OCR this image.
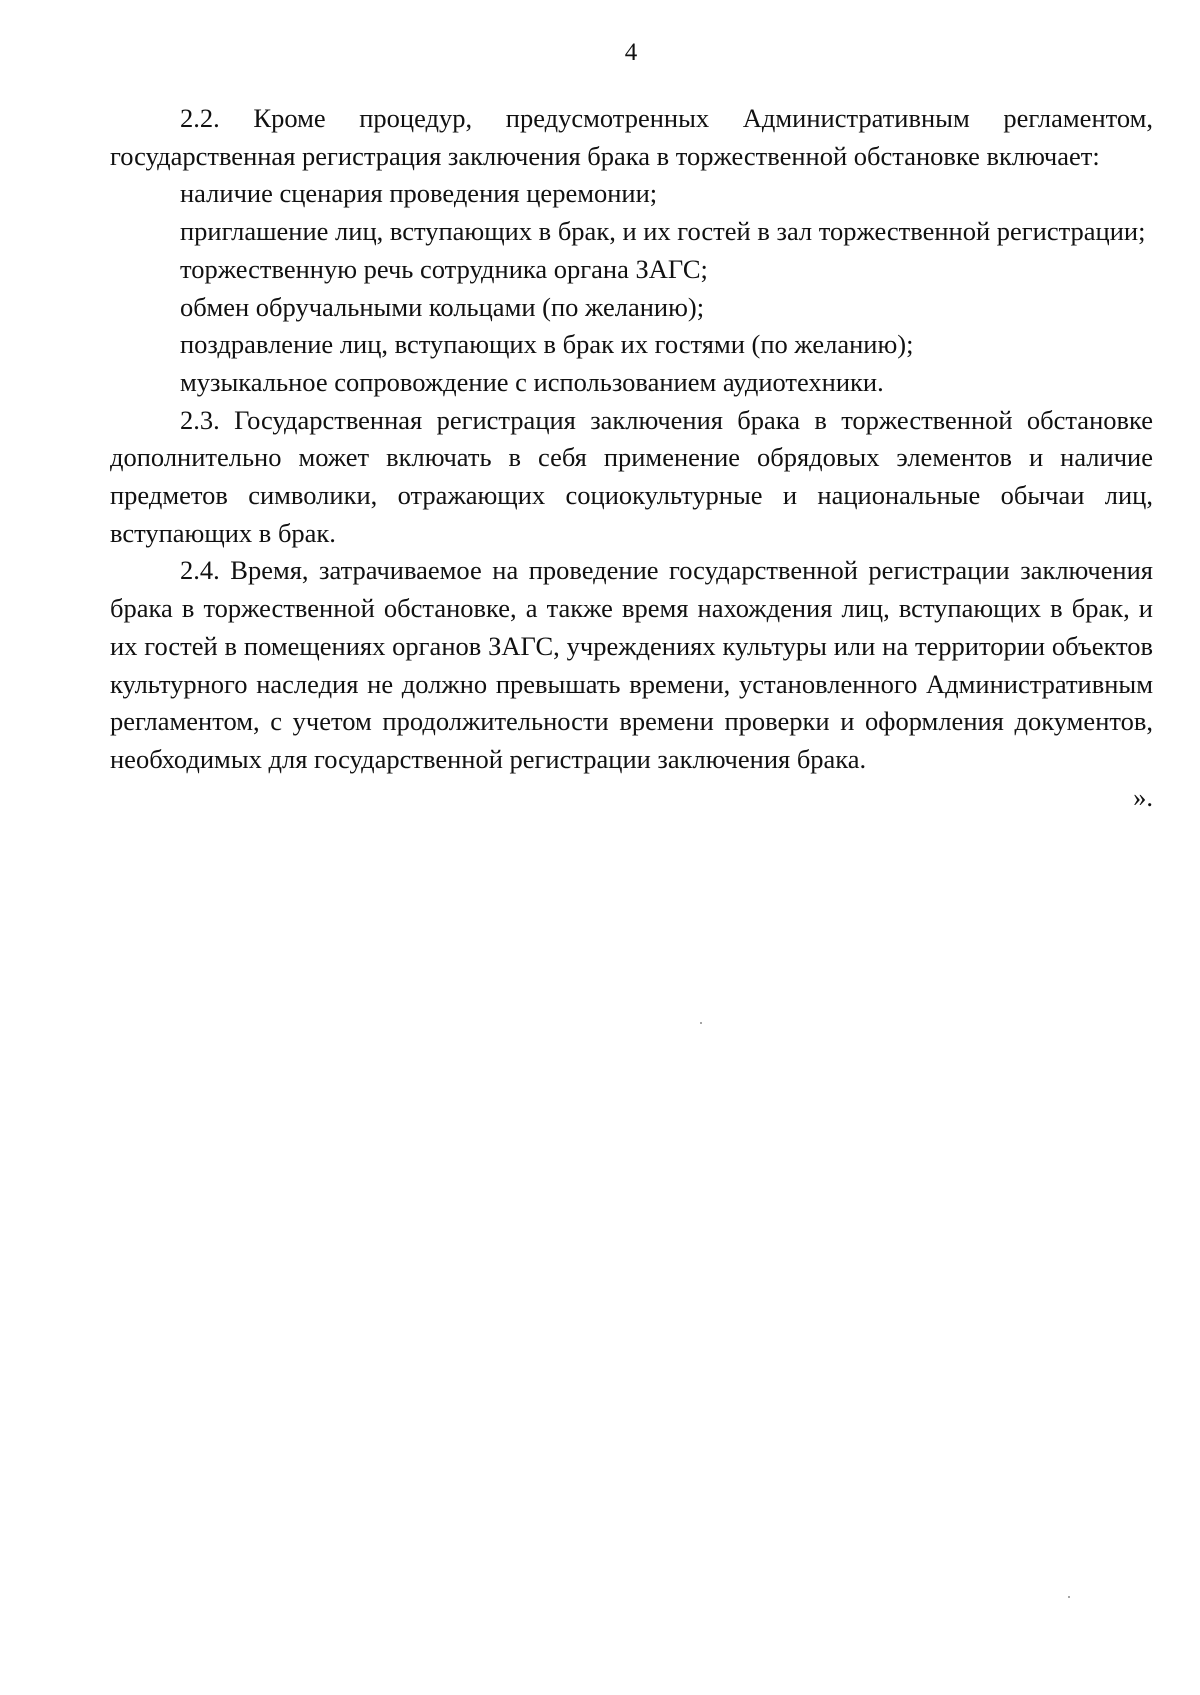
4

2.2. Кроме процедур, предусмотренных Административным регламентом, государственная регистрация заключения брака в торжественной обстановке включает:

наличие сценария проведения церемонии;

приглашение лиц, вступающих в брак, и их гостей в зал торжественной регистрации;

торжественную речь сотрудника органа ЗАГС;

обмен обручальными кольцами (по желанию);

поздравление лиц, вступающих в брак их гостями (по желанию);

музыкальное сопровождение с использованием аудиотехники.

2.3. Государственная регистрация заключения брака в торжественной обстановке дополнительно может включать в себя применение обрядовых элементов и наличие предметов символики, отражающих социокультурные и национальные обычаи лиц, вступающих в брак.

2.4. Время, затрачиваемое на проведение государственной регистрации заключения брака в торжественной обстановке, а также время нахождения лиц, вступающих в брак, и их гостей в помещениях органов ЗАГС, учреждениях культуры или на территории объектов культурного наследия не должно превышать времени, установленного Административным регламентом, с учетом продолжительности времени проверки и оформления документов, необходимых для государственной регистрации заключения брака.

».
